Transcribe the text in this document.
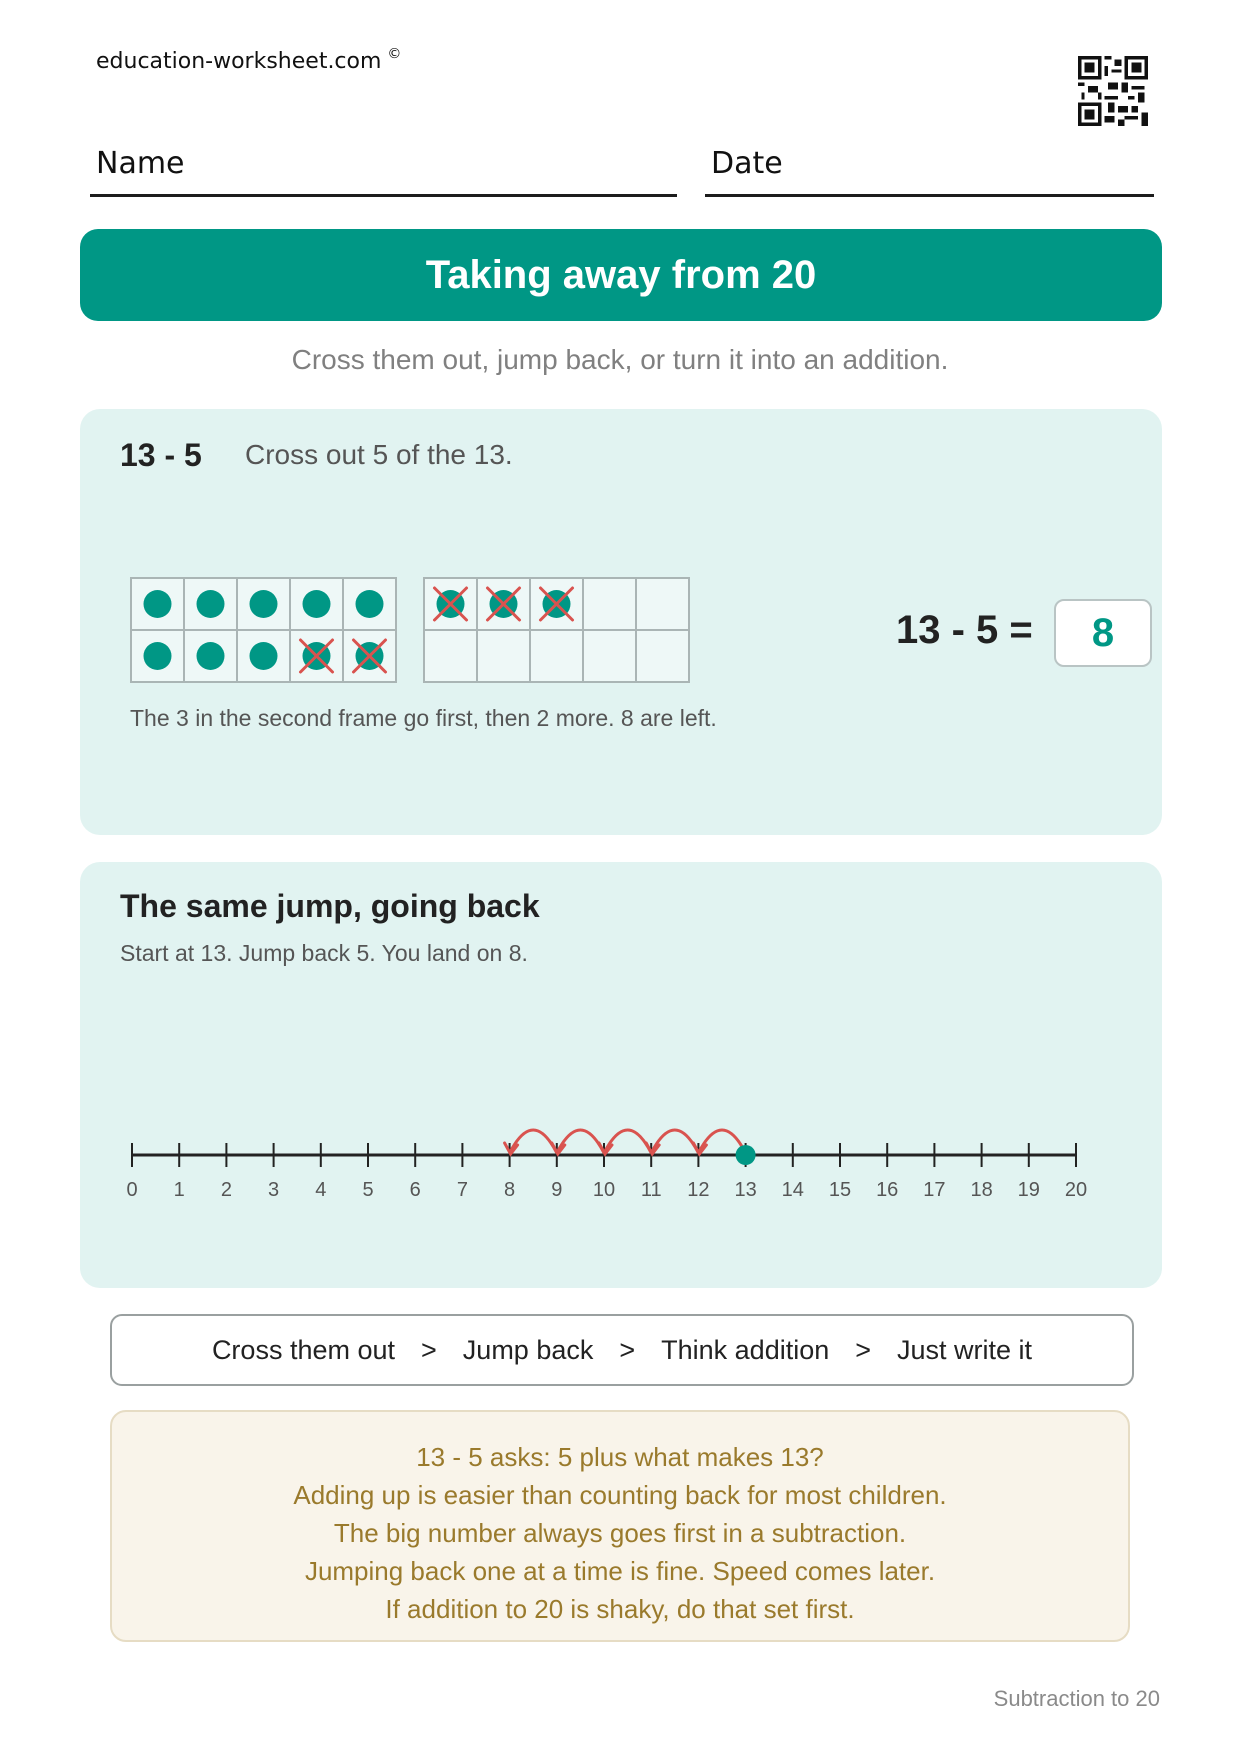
education-worksheet.com ©
Name	Date
Taking away from 20
Cross them out, jump back, or turn it into an addition.
13 - 5 Cross out 5 of the 13.
The 3 in the second frame go first, then 2 more. 8 are left.
13 - 5 = 8
The same jump, going back
Start at 13. Jump back 5. You land on 8.
0 1 2 3 4 5 6 7 8 9 10 11 12 13 14 15 16 17 18 19 20
Cross them out > Jump back > Think addition > Just write it
13 - 5 asks: 5 plus what makes 13?
Adding up is easier than counting back for most children.
The big number always goes first in a subtraction.
Jumping back one at a time is fine. Speed comes later.
If addition to 20 is shaky, do that set first.
Subtraction to 20
